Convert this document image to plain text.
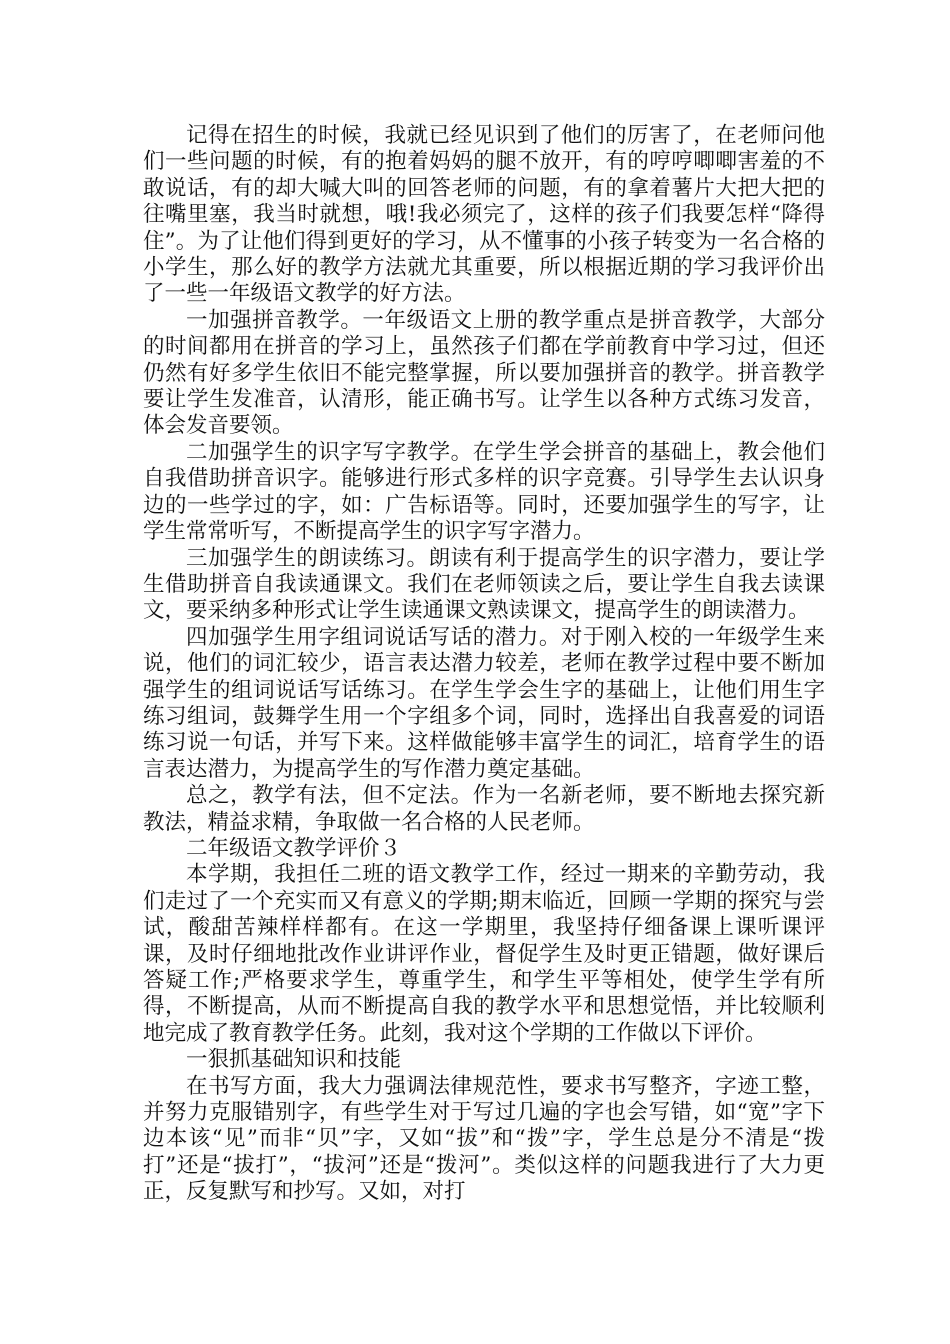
记得在招生的时候，我就已经见识到了他们的厉害了，在老师问他们一些问题的时候，有的抱着妈妈的腿不放开，有的哼哼唧唧害羞的不敢说话，有的却大喊大叫的回答老师的问题，有的拿着薯片大把大把的往嘴里塞，我当时就想，哦!我必须完了，这样的孩子们我要怎样“降得住”。为了让他们得到更好的学习，从不懂事的小孩子转变为一名合格的小学生，那么好的教学方法就尤其重要，所以根据近期的学习我评价出了一些一年级语文教学的好方法。

一加强拼音教学。一年级语文上册的教学重点是拼音教学，大部分的时间都用在拼音的学习上，虽然孩子们都在学前教育中学习过，但还仍然有好多学生依旧不能完整掌握，所以要加强拼音的教学。拼音教学要让学生发准音，认清形，能正确书写。让学生以各种方式练习发音，体会发音要领。

二加强学生的识字写字教学。在学生学会拼音的基础上，教会他们自我借助拼音识字。能够进行形式多样的识字竞赛。引导学生去认识身边的一些学过的字，如：广告标语等。同时，还要加强学生的写字，让学生常常听写，不断提高学生的识字写字潜力。

三加强学生的朗读练习。朗读有利于提高学生的识字潜力，要让学生借助拼音自我读通课文。我们在老师领读之后，要让学生自我去读课文，要采纳多种形式让学生读通课文熟读课文，提高学生的朗读潜力。

四加强学生用字组词说话写话的潜力。对于刚入校的一年级学生来说，他们的词汇较少，语言表达潜力较差，老师在教学过程中要不断加强学生的组词说话写话练习。在学生学会生字的基础上，让他们用生字练习组词，鼓舞学生用一个字组多个词，同时，选择出自我喜爱的词语练习说一句话，并写下来。这样做能够丰富学生的词汇，培育学生的语言表达潜力，为提高学生的写作潜力奠定基础。

总之，教学有法，但不定法。作为一名新老师，要不断地去探究新教法，精益求精，争取做一名合格的人民老师。

二年级语文教学评价３

本学期，我担任二班的语文教学工作，经过一期来的辛勤劳动，我们走过了一个充实而又有意义的学期;期末临近，回顾一学期的探究与尝试，酸甜苦辣样样都有。在这一学期里，我坚持仔细备课上课听课评课，及时仔细地批改作业讲评作业，督促学生及时更正错题，做好课后答疑工作;严格要求学生，尊重学生，和学生平等相处，使学生学有所得，不断提高，从而不断提高自我的教学水平和思想觉悟，并比较顺利地完成了教育教学任务。此刻，我对这个学期的工作做以下评价。

一狠抓基础知识和技能

在书写方面，我大力强调法律规范性，要求书写整齐，字迹工整，并努力克服错别字，有些学生对于写过几遍的字也会写错，如“宽”字下边本该“见”而非“贝”字，又如“拔”和“拨”字，学生总是分不清是“拨打”还是“拔打”，“拔河”还是“拨河”。类似这样的问题我进行了大力更正，反复默写和抄写。又如，对打
